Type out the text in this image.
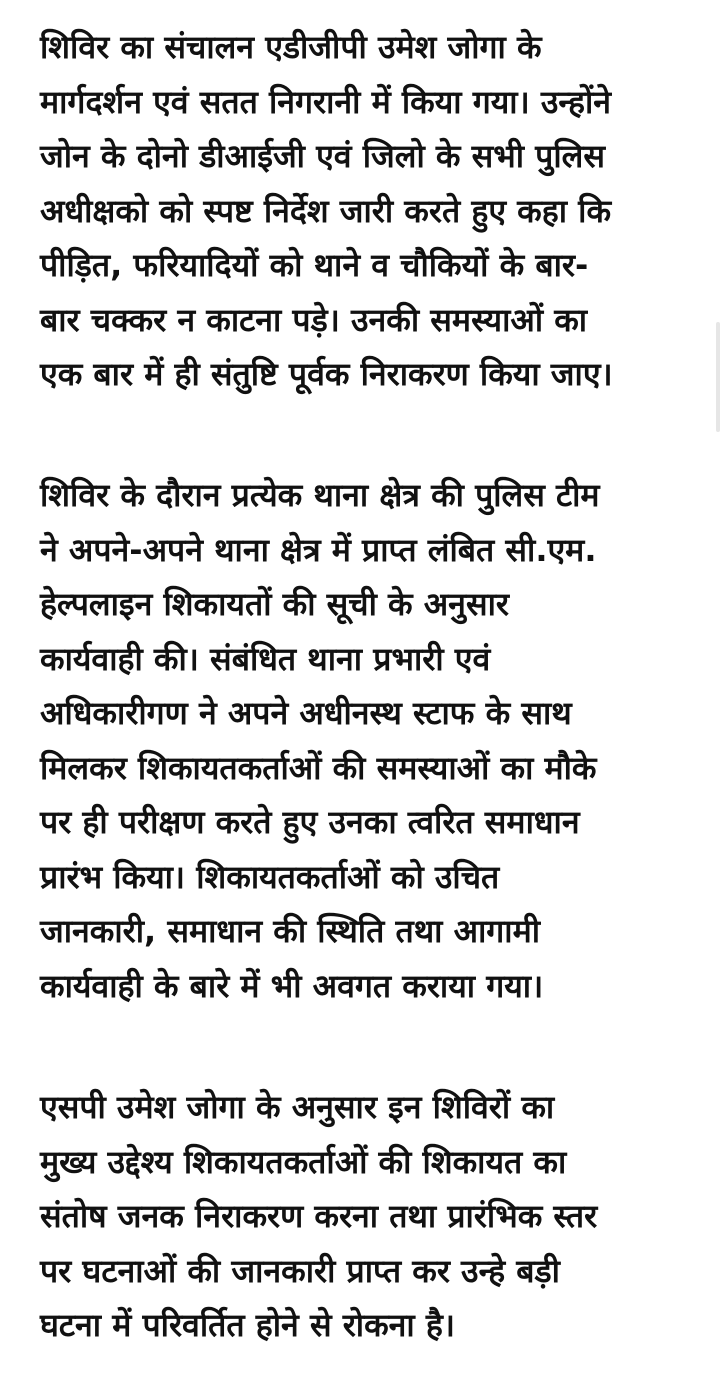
शिविर का संचालन एडीजीपी उमेश जोगा के
मार्गदर्शन एवं सतत निगरानी में किया गया। उन्होंने
जोन के दोनो डीआईजी एवं जिलो के सभी पुलिस
अधीक्षको को स्पष्ट निर्देश जारी करते हुए कहा कि
पीड़ित, फरियादियों को थाने व चौकियों के बार-
बार चक्कर न काटना पड़े। उनकी समस्याओं का
एक बार में ही संतुष्टि पूर्वक निराकरण किया जाए।

शिविर के दौरान प्रत्येक थाना क्षेत्र की पुलिस टीम
ने अपने-अपने थाना क्षेत्र में प्राप्त लंबित सी.एम.
हेल्पलाइन शिकायतों की सूची के अनुसार
कार्यवाही की। संबंधित थाना प्रभारी एवं
अधिकारीगण ने अपने अधीनस्थ स्टाफ के साथ
मिलकर शिकायतकर्ताओं की समस्याओं का मौके
पर ही परीक्षण करते हुए उनका त्वरित समाधान
प्रारंभ किया। शिकायतकर्ताओं को उचित
जानकारी, समाधान की स्थिति तथा आगामी
कार्यवाही के बारे में भी अवगत कराया गया।

एसपी उमेश जोगा के अनुसार इन शिविरों का
मुख्य उद्देश्य शिकायतकर्ताओं की शिकायत का
संतोष जनक निराकरण करना तथा प्रारंभिक स्तर
पर घटनाओं की जानकारी प्राप्त कर उन्हे बड़ी
घटना में परिवर्तित होने से रोकना है।
